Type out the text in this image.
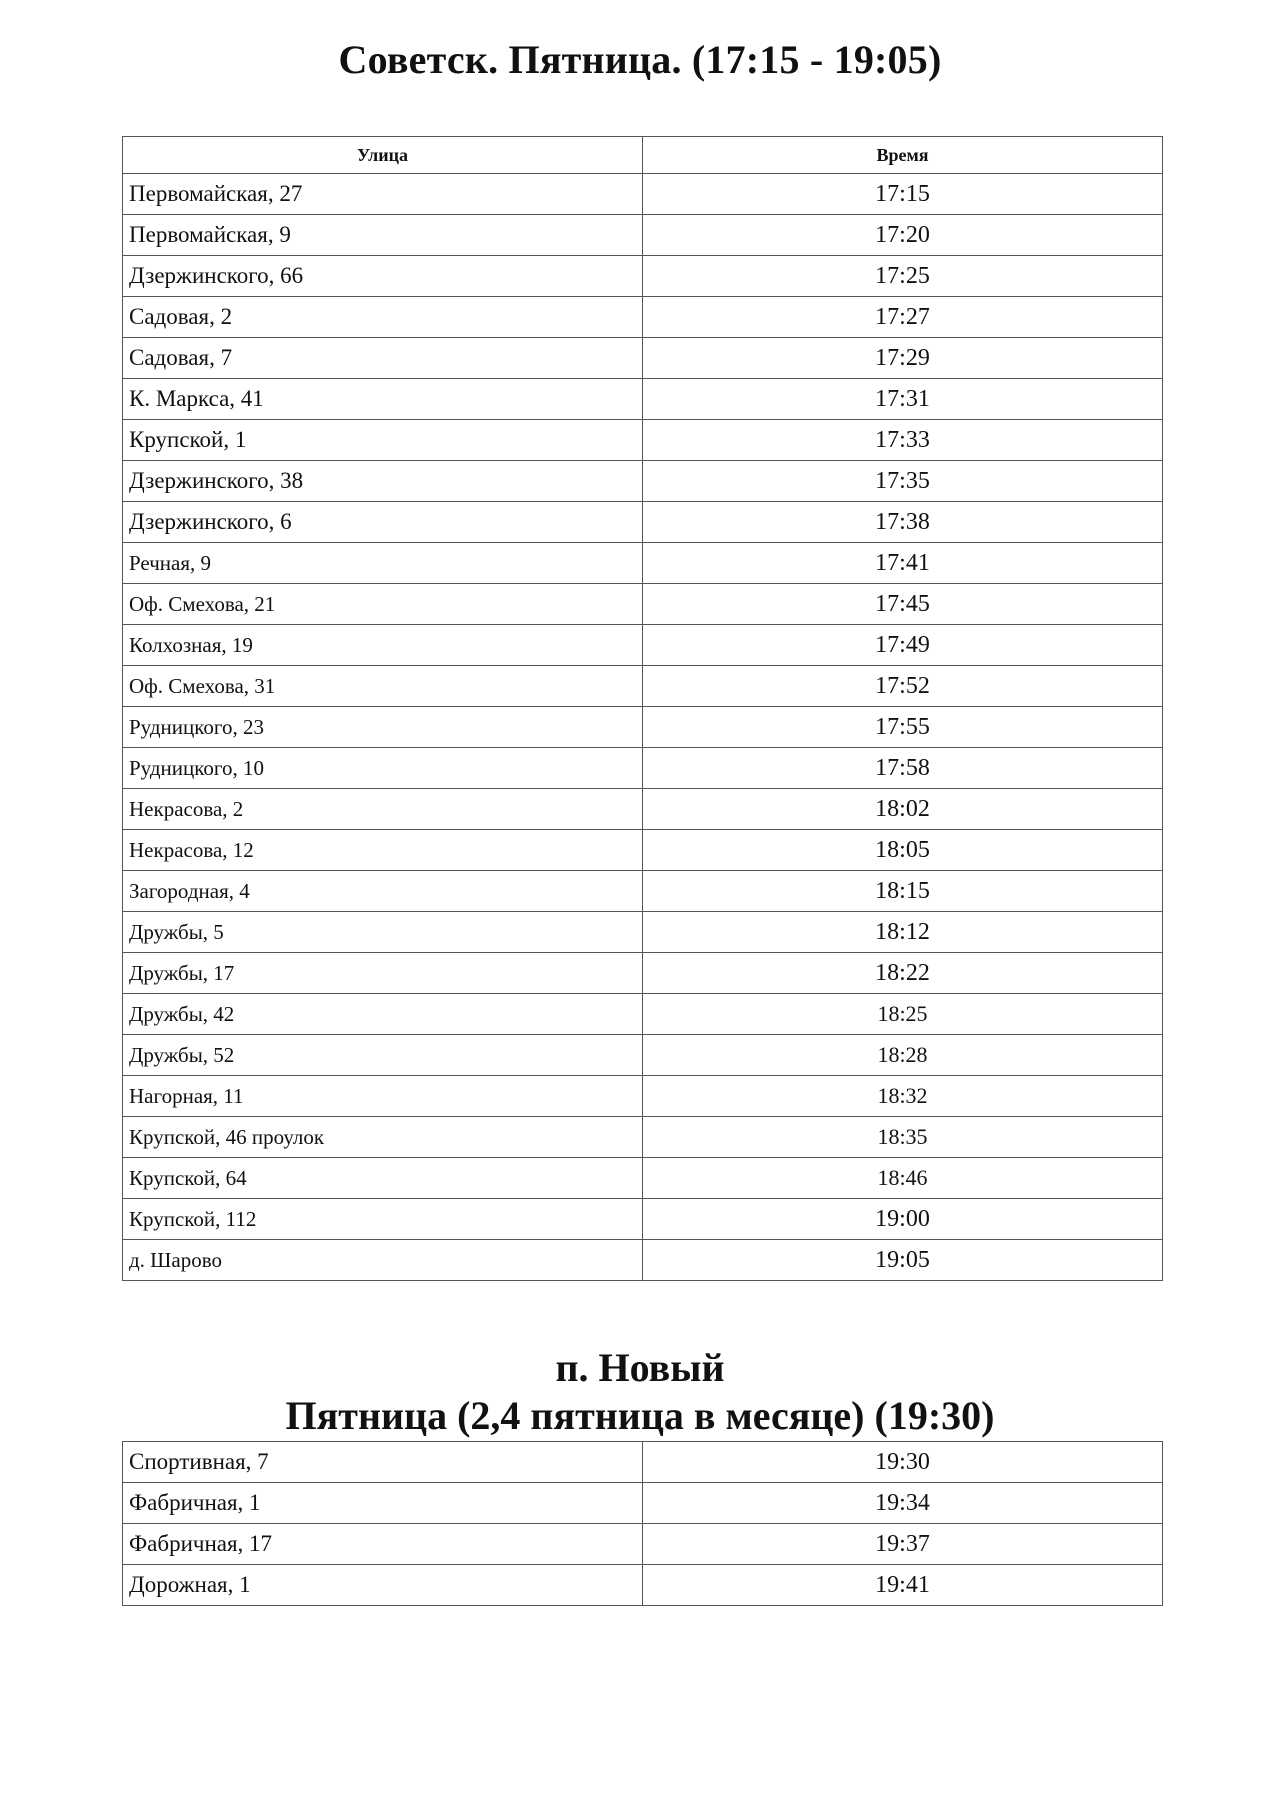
Советск. Пятница. (17:15 - 19:05)
Улица	Время
Первомайская, 27	17:15
Первомайская, 9	17:20
Дзержинского, 66	17:25
Садовая, 2	17:27
Садовая, 7	17:29
К. Маркса, 41	17:31
Крупской, 1	17:33
Дзержинского, 38	17:35
Дзержинского, 6	17:38
Речная, 9	17:41
Оф. Смехова, 21	17:45
Колхозная, 19	17:49
Оф. Смехова, 31	17:52
Рудницкого, 23	17:55
Рудницкого, 10	17:58
Некрасова, 2	18:02
Некрасова, 12	18:05
Загородная, 4	18:15
Дружбы, 5	18:12
Дружбы, 17	18:22
Дружбы, 42	18:25
Дружбы, 52	18:28
Нагорная, 11	18:32
Крупской, 46 проулок	18:35
Крупской, 64	18:46
Крупской, 112	19:00
д. Шарово	19:05
п. Новый
Пятница (2,4 пятница в месяце) (19:30)
Спортивная, 7	19:30
Фабричная, 1	19:34
Фабричная, 17	19:37
Дорожная, 1	19:41
